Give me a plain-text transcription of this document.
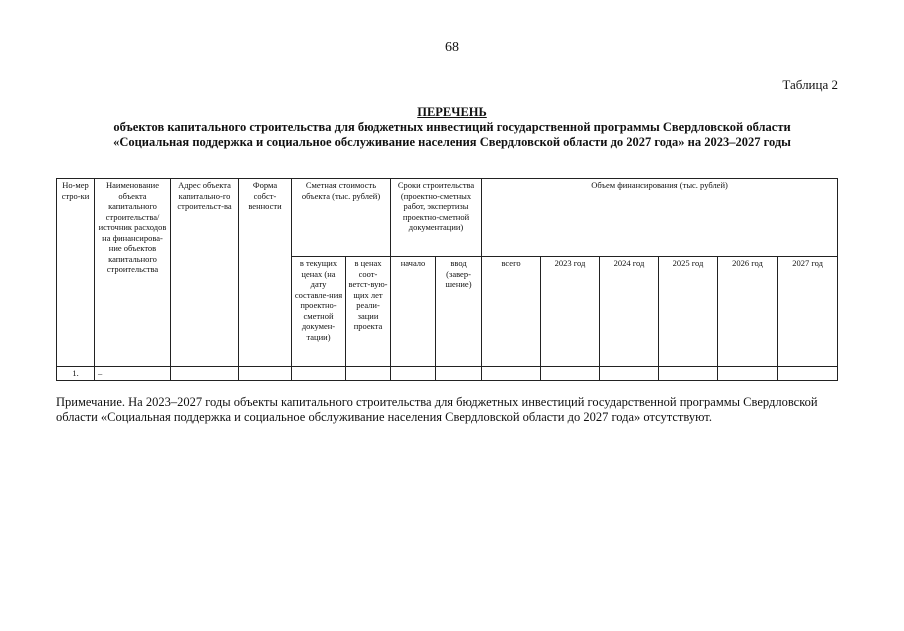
68
Таблица 2
ПЕРЕЧЕНЬ
объектов капитального строительства для бюджетных инвестиций государственной программы Свердловской области
«Социальная поддержка и социальное обслуживание населения Свердловской области до 2027 года» на 2023–2027 годы
Но-мер стро-ки	Наименование объекта капитального строительства/ источник расходов на финансирова-ние объектов капитального строительства	Адрес объекта капитально-го строительст-ва	Форма собст-венности	Сметная стоимость объекта (тыс. рублей)		Сроки строительства (проектно-сметных работ, экспертизы проектно-сметной документации)		Объем финансирования (тыс. рублей)					
				в текущих ценах (на дату составле-ния проектно-сметной докумен-тации)	в ценах соот-ветст-вую-щих лет реали-зации проекта	начало	ввод (завер-шение)	всего	2023 год	2024 год	2025 год	2026 год	2027 год
1.	–												
Примечание. На 2023–2027 годы объекты капитального строительства для бюджетных инвестиций государственной программы Свердловской области «Социальная поддержка и социальное обслуживание населения Свердловской области до 2027 года» отсутствуют.
